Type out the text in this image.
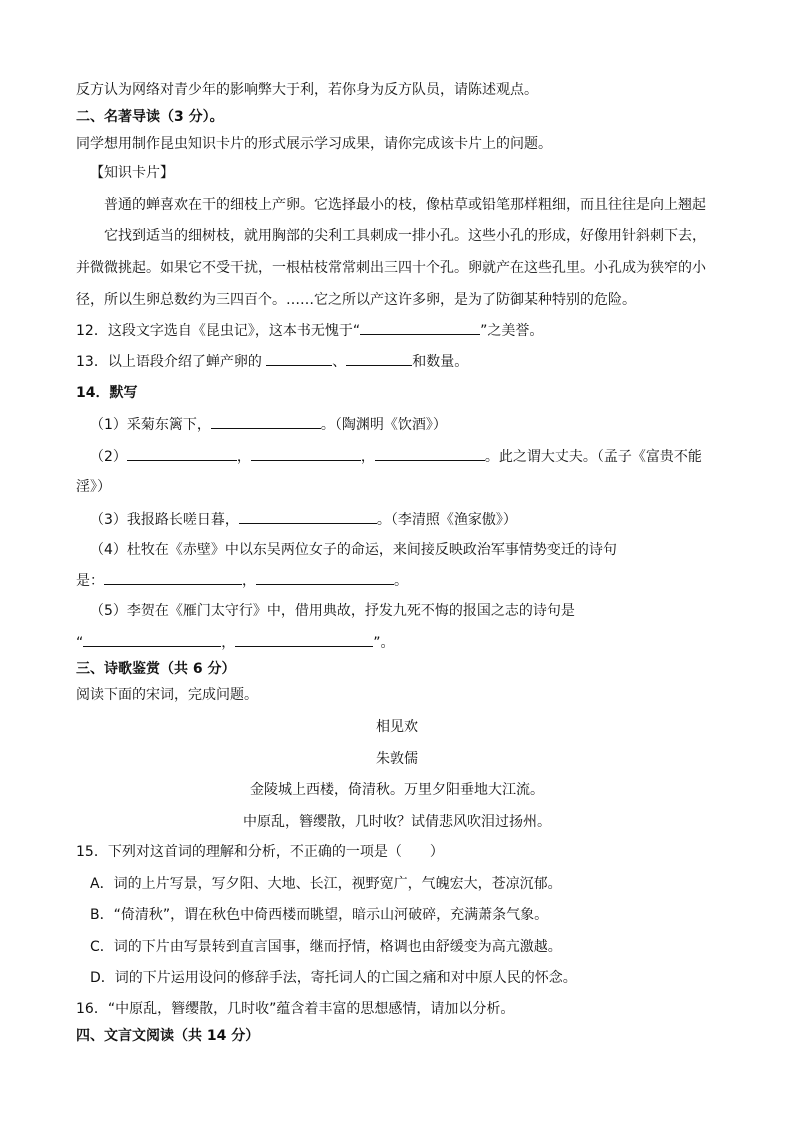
反方认为网络对青少年的影响弊大于利，若你身为反方队员，请陈述观点。
二、名著导读（3 分）。
同学想用制作昆虫知识卡片的形式展示学习成果，请你完成该卡片上的问题。
【知识卡片】
普通的蝉喜欢在干的细枝上产卵。它选择最小的枝，像枯草或铅笔那样粗细，而且往往是向上翘起
它找到适当的细树枝，就用胸部的尖利工具刺成一排小孔。这些小孔的形成，好像用针斜刺下去，
并微微挑起。如果它不受干扰，一根枯枝常常刺出三四十个孔。卵就产在这些孔里。小孔成为狭窄的小
径，所以生卵总数约为三四百个。……它之所以产这许多卵，是为了防御某种特别的危险。
12．这段文字选自《昆虫记》，这本书无愧于“	”之美誉。
13．以上语段介绍了蝉产卵的	、	和数量。
14．默写
（1）采菊东篱下，	。（陶渊明《饮酒》）
（2）	，	，	。此之谓大丈夫。（孟子《富贵不能
淫》）
（3）我报路长嗟日暮，	。（李清照《渔家傲》）
（4）杜牧在《赤壁》中以东吴两位女子的命运，来间接反映政治军事情势变迁的诗句
是：	，	。
（5）李贺在《雁门太守行》中，借用典故，抒发九死不悔的报国之志的诗句是
“	，	”。
三、诗歌鉴赏（共 6 分）
阅读下面的宋词，完成问题。
相见欢
朱敦儒
金陵城上西楼，倚清秋。万里夕阳垂地大江流。
中原乱，簪缨散，几时收？试倩悲风吹泪过扬州。
15．下列对这首词的理解和分析，不正确的一项是（　　）
A．词的上片写景，写夕阳、大地、长江，视野宽广，气魄宏大，苍凉沉郁。
B．“倚清秋”，谓在秋色中倚西楼而眺望，暗示山河破碎，充满萧条气象。
C．词的下片由写景转到直言国事，继而抒情，格调也由舒缓变为高亢激越。
D．词的下片运用设问的修辞手法，寄托词人的亡国之痛和对中原人民的怀念。
16．“中原乱，簪缨散，几时收”蕴含着丰富的思想感情，请加以分析。
四、文言文阅读（共 14 分）
